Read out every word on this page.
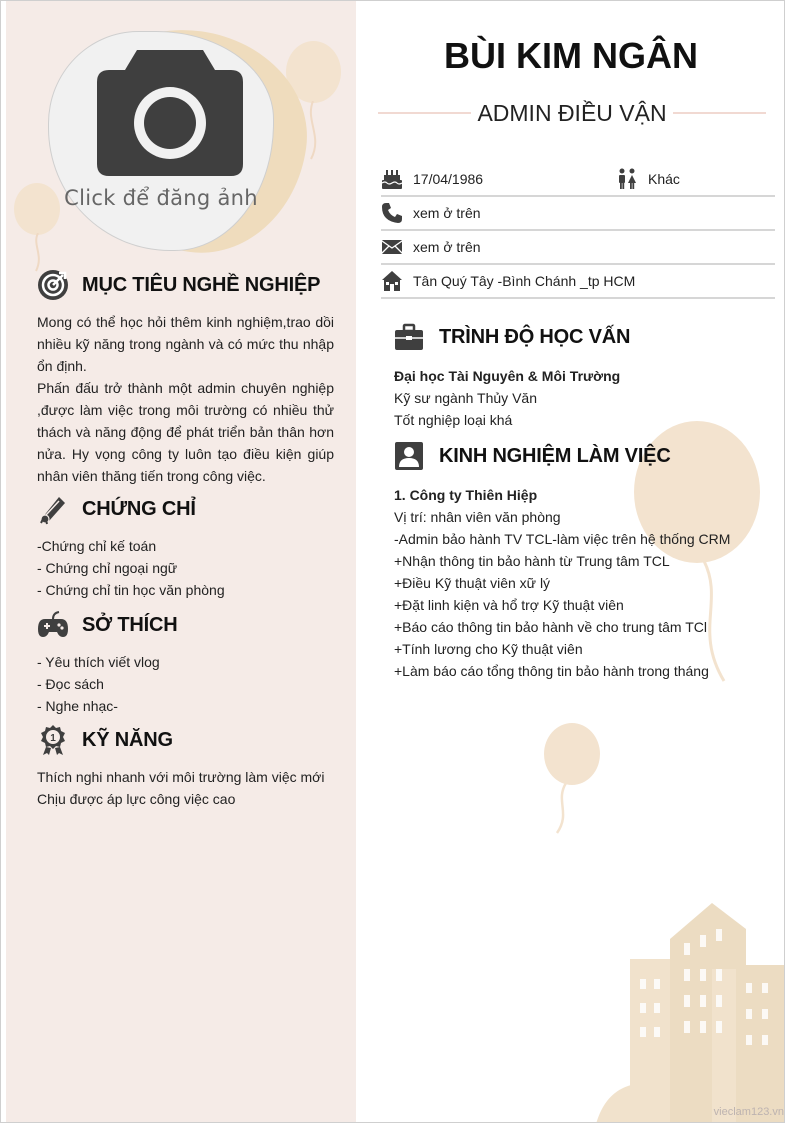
Click để đăng ảnh
MỤC TIÊU NGHỀ NGHIỆP

Mong có thể học hỏi thêm kinh nghiệm,trao dồi nhiều kỹ năng trong ngành và có mức thu nhập ổn định.

Phấn đấu trở thành một admin chuyên nghiệp ,được làm việc trong môi trường có nhiều thử thách và năng động để phát triển bản thân hơn nửa. Hy vọng công ty luôn tạo điều kiện giúp nhân viên thăng tiến trong công việc.

CHỨNG CHỈ
-Chứng chỉ kế toán
- Chứng chỉ ngoại ngữ
- Chứng chỉ tin học văn phòng
SỞ THÍCH
- Yêu thích viết vlog
- Đọc sách
- Nghe nhạc-
1 KỸ NĂNG
Thích nghi nhanh với môi trường làm việc mới
Chịu được áp lực công việc cao
BÙI KIM NGÂN
ADMIN ĐIỀU VẬN
17/04/1986	Khác
xem ở trên
xem ở trên
Tân Quý Tây -Bình Chánh _tp HCM
TRÌNH ĐỘ HỌC VẤN
Đại học Tài Nguyên & Môi Trường
Kỹ sư ngành Thủy Văn
Tốt nghiệp loại khá
KINH NGHIỆM LÀM VIỆC
1. Công ty Thiên Hiệp
Vị trí: nhân viên văn phòng
-Admin bảo hành TV TCL-làm việc trên hệ thống CRM
+Nhận thông tin bảo hành từ Trung tâm TCL
+Điều Kỹ thuật viên xữ lý
+Đặt linh kiện và hổ trợ Kỹ thuật viên
+Báo cáo thông tin bảo hành về cho trung tâm TCl
+Tính lương cho Kỹ thuật viên
+Làm báo cáo tổng thông tin bảo hành trong tháng
vieclam123.vn
